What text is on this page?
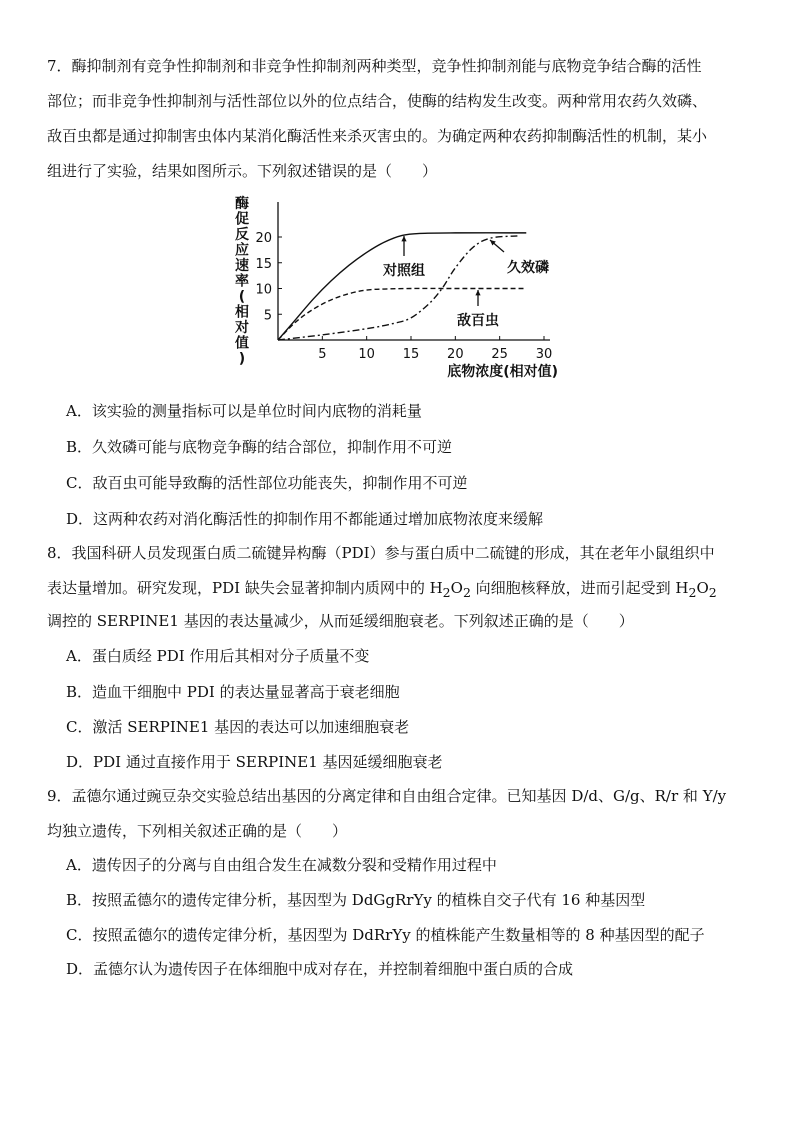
7．酶抑制剂有竞争性抑制剂和非竞争性抑制剂两种类型，竞争性抑制剂能与底物竞争结合酶的活性
部位；而非竞争性抑制剂与活性部位以外的位点结合，使酶的结构发生改变。两种常用农药久效磷、
敌百虫都是通过抑制害虫体内某消化酶活性来杀灭害虫的。为确定两种农药抑制酶活性的机制，某小
组进行了实验，结果如图所示。下列叙述错误的是（　　）
酶促反应速率(相对值)
5
10
15
20
5 10 15 20 25 30
对照组	久效磷
敌百虫
底物浓度(相对值)
A．该实验的测量指标可以是单位时间内底物的消耗量
B．久效磷可能与底物竞争酶的结合部位，抑制作用不可逆
C．敌百虫可能导致酶的活性部位功能丧失，抑制作用不可逆
D．这两种农药对消化酶活性的抑制作用不都能通过增加底物浓度来缓解
8．我国科研人员发现蛋白质二硫键异构酶（PDI）参与蛋白质中二硫键的形成，其在老年小鼠组织中
表达量增加。研究发现，PDI 缺失会显著抑制内质网中的 $H_2O_2$ 向细胞核释放，进而引起受到 $H_2O_2$
调控的 SERPINE1 基因的表达量减少，从而延缓细胞衰老。下列叙述正确的是（　　）
A．蛋白质经 PDI 作用后其相对分子质量不变
B．造血干细胞中 PDI 的表达量显著高于衰老细胞
C．激活 SERPINE1 基因的表达可以加速细胞衰老
D．PDI 通过直接作用于 SERPINE1 基因延缓细胞衰老
9．孟德尔通过豌豆杂交实验总结出基因的分离定律和自由组合定律。已知基因 D/d、G/g、R/r 和 Y/y
均独立遗传，下列相关叙述正确的是（　　）
A．遗传因子的分离与自由组合发生在减数分裂和受精作用过程中
B．按照孟德尔的遗传定律分析，基因型为 DdGgRrYy 的植株自交子代有 16 种基因型
C．按照孟德尔的遗传定律分析，基因型为 DdRrYy 的植株能产生数量相等的 8 种基因型的配子
D．孟德尔认为遗传因子在体细胞中成对存在，并控制着细胞中蛋白质的合成
